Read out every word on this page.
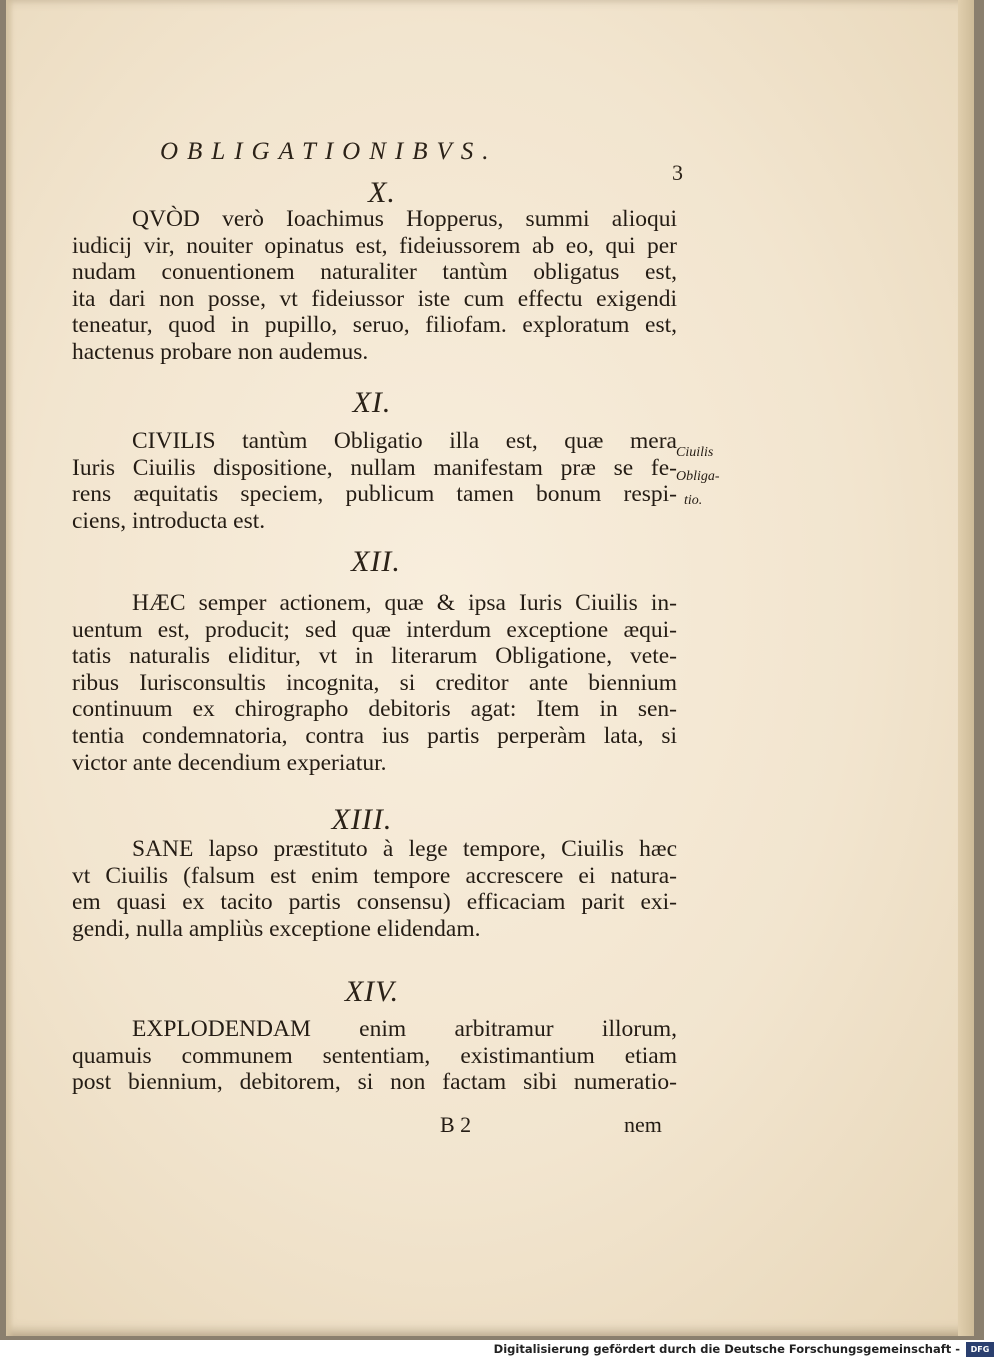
OBLIGATIONIBVS.
3
X.
QVÒD verò Ioachimus Hopperus, summi alioqui
iudicij vir, nouiter opinatus est, fideiussorem ab eo, qui per
nudam conuentionem naturaliter tantùm obligatus est,
ita dari non posse, vt fideiussor iste cum effectu exigendi
teneatur, quod in pupillo, seruo, filiofam. exploratum est,
hactenus probare non audemus.
XI.
CIVILIS tantùm Obligatio illa est, quæ mera
Iuris Ciuilis dispositione, nullam manifestam præ se fe-
rens æquitatis speciem, publicum tamen bonum respi-
ciens, introducta est.
Ciuilis
Obliga-
tio.
XII.
HÆC semper actionem, quæ & ipsa Iuris Ciuilis in-
uentum est, producit; sed quæ interdum exceptione æqui-
tatis naturalis eliditur, vt in literarum Obligatione, vete-
ribus Iurisconsultis incognita, si creditor ante biennium
continuum ex chirographo debitoris agat: Item in sen-
tentia condemnatoria, contra ius partis perperàm lata, si
victor ante decendium experiatur.
XIII.
SANE lapso præstituto à lege tempore, Ciuilis hæc
vt Ciuilis (falsum est enim tempore accrescere ei natura-
em quasi ex tacito partis consensu) efficaciam parit exi-
gendi, nulla ampliùs exceptione elidendam.
XIV.
EXPLODENDAM enim arbitramur illorum,
quamuis communem sententiam, existimantium etiam
post biennium, debitorem, si non factam sibi numeratio-
B 2	nem
Digitalisierung gefördert durch die Deutsche Forschungsgemeinschaft -	DFG
